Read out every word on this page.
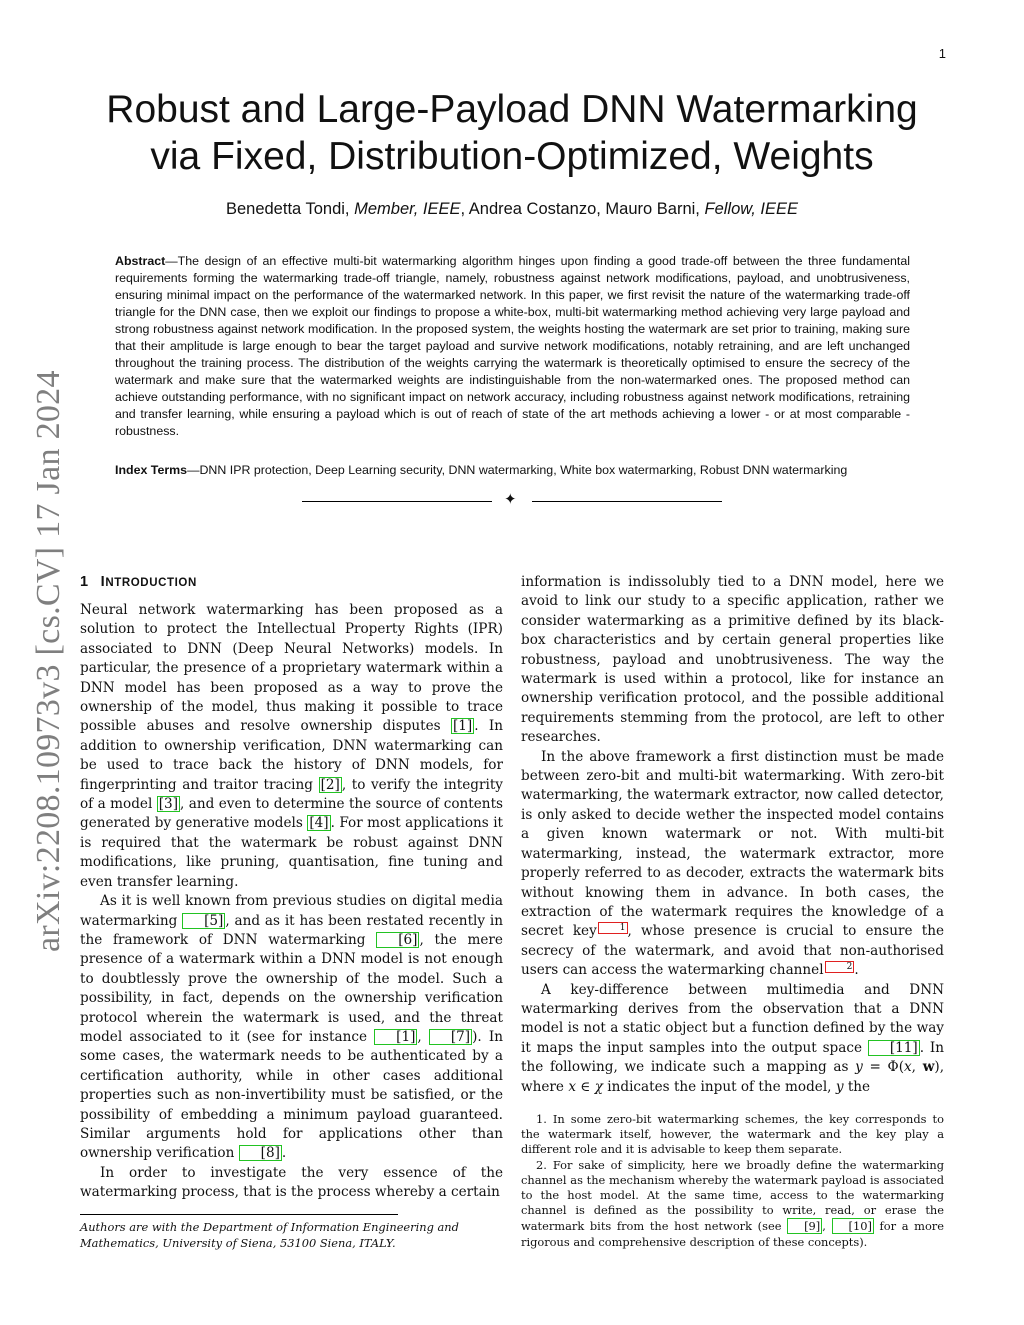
1
arXiv:2208.10973v3 [cs.CV] 17 Jan 2024
Robust and Large-Payload DNN Watermarking via Fixed, Distribution-Optimized, Weights
Benedetta Tondi, Member, IEEE, Andrea Costanzo, Mauro Barni, Fellow, IEEE

Abstract—The design of an effective multi-bit watermarking algorithm hinges upon finding a good trade-off between the three fundamental requirements forming the watermarking trade-off triangle, namely, robustness against network modifications, payload, and unobtrusiveness, ensuring minimal impact on the performance of the watermarked network. In this paper, we first revisit the nature of the watermarking trade-off triangle for the DNN case, then we exploit our findings to propose a white-box, multi-bit watermarking method achieving very large payload and strong robustness against network modification. In the proposed system, the weights hosting the watermark are set prior to training, making sure that their amplitude is large enough to bear the target payload and survive network modifications, notably retraining, and are left unchanged throughout the training process. The distribution of the weights carrying the watermark is theoretically optimised to ensure the secrecy of the watermark and make sure that the watermarked weights are indistinguishable from the non-watermarked ones. The proposed method can achieve outstanding performance, with no significant impact on network accuracy, including robustness against network modifications, retraining and transfer learning, while ensuring a payload which is out of reach of state of the art methods achieving a lower - or at most comparable - robustness.

Index Terms—DNN IPR protection, Deep Learning security, DNN watermarking, White box watermarking, Robust DNN watermarking

✦
1 INTRODUCTION

Neural network watermarking has been proposed as a solution to protect the Intellectual Property Rights (IPR) associated to DNN (Deep Neural Networks) models. In particular, the presence of a proprietary watermark within a DNN model has been proposed as a way to prove the ownership of the model, thus making it possible to trace possible abuses and resolve ownership disputes [1] . In addition to ownership verification, DNN watermarking can be used to trace back the history of DNN models, for fingerprinting and traitor tracing [2] , to verify the integrity of a model [3] , and even to determine the source of contents generated by generative models [4] . For most applications it is required that the watermark be robust against DNN modifications, like pruning, quantisation, fine tuning and even transfer learning.

As it is well known from previous studies on digital media watermarking [5] , and as it has been restated recently in the framework of DNN watermarking [6] , the mere presence of a watermark within a DNN model is not enough to doubtlessly prove the ownership of the model. Such a possibility, in fact, depends on the ownership verification protocol wherein the watermark is used, and the threat model associated to it (see for instance [1] , [7] ). In some cases, the watermark needs to be authenticated by a certification authority, while in other cases additional properties such as non-invertibility must be satisfied, or the possibility of embedding a minimum payload guaranteed. Similar arguments hold for applications other than ownership verification [8] .

In order to investigate the very essence of the watermarking process, that is the process whereby a certain

Authors are with the Department of Information Engineering and Mathematics, University of Siena, 53100 Siena, ITALY.

information is indissolubly tied to a DNN model, here we avoid to link our study to a specific application, rather we consider watermarking as a primitive defined by its black-box characteristics and by certain general properties like robustness, payload and unobtrusiveness. The way the watermark is used within a protocol, like for instance an ownership verification protocol, and the possible additional requirements stemming from the protocol, are left to other researches.

In the above framework a first distinction must be made between zero-bit and multi-bit watermarking. With zero-bit watermarking, the watermark extractor, now called detector, is only asked to decide wether the inspected model contains a given known watermark or not. With multi-bit watermarking, instead, the watermark extractor, more properly referred to as decoder, extracts the watermark bits without knowing them in advance. In both cases, the extraction of the watermark requires the knowledge of a secret key	1 , whose presence is crucial to ensure the secrecy of the watermark, and avoid that non-authorised users can access the watermarking channel	2 .

A key-difference between multimedia and DNN watermarking derives from the observation that a DNN model is not a static object but a function defined by the way it maps the input samples into the output space [11] . In the following, we indicate such a mapping as y = Φ(x, w), where x ∈ χ indicates the input of the model, y the

1. In some zero-bit watermarking schemes, the key corresponds to the watermark itself, however, the watermark and the key play a different role and it is advisable to keep them separate.

2. For sake of simplicity, here we broadly define the watermarking channel as the mechanism whereby the watermark payload is associated to the host model. At the same time, access to the watermarking channel is defined as the possibility to write, read, or erase the watermark bits from the host network (see [9] , [10] for a more rigorous and comprehensive description of these concepts).
